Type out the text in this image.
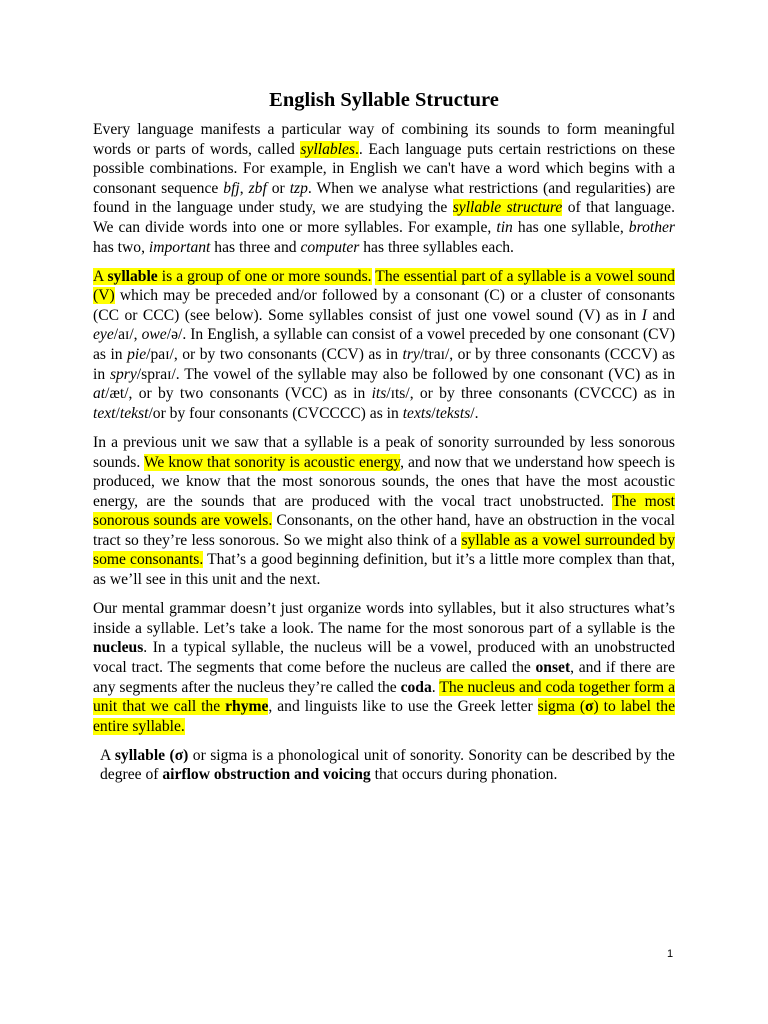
English Syllable Structure

Every language manifests a particular way of combining its sounds to form meaningful words or parts of words, called syllables.. Each language puts certain restrictions on these possible combinations. For example, in English we can't have a word which begins with a consonant sequence bfj, zbf or tzp. When we analyse what restrictions (and regularities) are found in the language under study, we are studying the syllable structure of that language. We can divide words into one or more syllables. For example, tin has one syllable, brother has two, important has three and computer has three syllables each.

A syllable is a group of one or more sounds. The essential part of a syllable is a vowel sound (V) which may be preceded and/or followed by a consonant (C) or a cluster of consonants (CC or CCC) (see below). Some syllables consist of just one vowel sound (V) as in I and eye/aɪ/, owe/ə/. In English, a syllable can consist of a vowel preceded by one consonant (CV) as in pie/paɪ/, or by two consonants (CCV) as in try/traɪ/, or by three consonants (CCCV) as in spry/spraɪ/. The vowel of the syllable may also be followed by one consonant (VC) as in at/æt/, or by two consonants (VCC) as in its/ɪts/, or by three consonants (CVCCC) as in text/tekst/or by four consonants (CVCCCC) as in texts/teksts/.

In a previous unit we saw that a syllable is a peak of sonority surrounded by less sonorous sounds. We know that sonority is acoustic energy, and now that we understand how speech is produced, we know that the most sonorous sounds, the ones that have the most acoustic energy, are the sounds that are produced with the vocal tract unobstructed. The most sonorous sounds are vowels. Consonants, on the other hand, have an obstruction in the vocal tract so they’re less sonorous. So we might also think of a syllable as a vowel surrounded by some consonants. That’s a good beginning definition, but it’s a little more complex than that, as we’ll see in this unit and the next.

Our mental grammar doesn’t just organize words into syllables, but it also structures what’s inside a syllable. Let’s take a look. The name for the most sonorous part of a syllable is the nucleus. In a typical syllable, the nucleus will be a vowel, produced with an unobstructed vocal tract. The segments that come before the nucleus are called the onset, and if there are any segments after the nucleus they’re called the coda. The nucleus and coda together form a unit that we call the rhyme, and linguists like to use the Greek letter sigma (σ) to label the entire syllable.

A syllable (σ) or sigma is a phonological unit of sonority. Sonority can be described by the degree of airflow obstruction and voicing that occurs during phonation.

1
